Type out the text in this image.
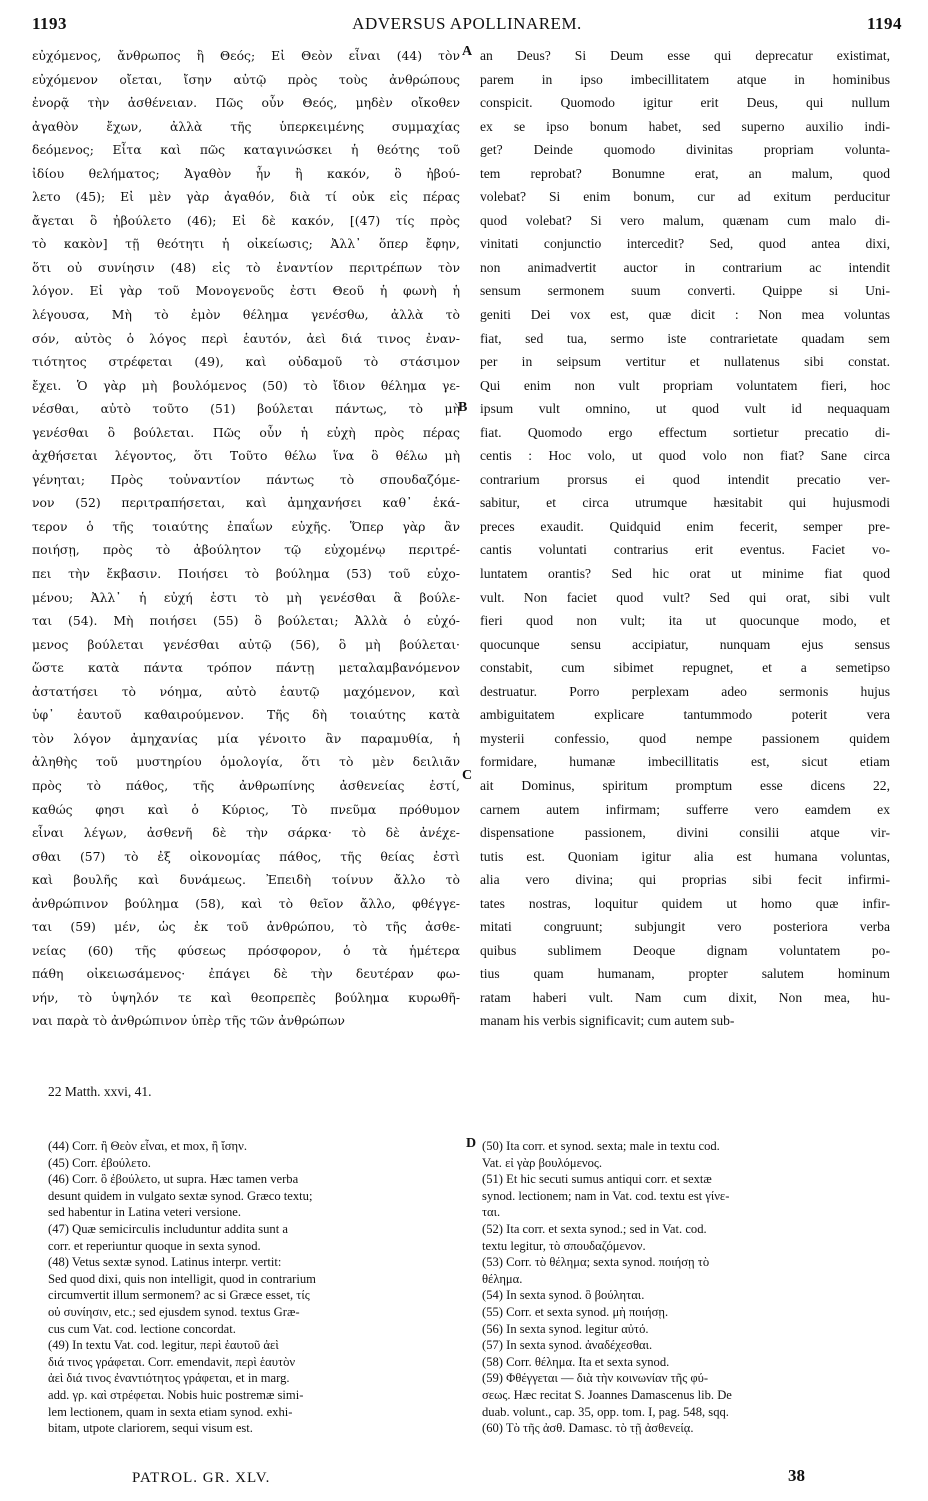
1193	ADVERSUS APOLLINAREM.	1194
εὐχόμενος, ἄνθρωπος ἢ Θεός; Εἰ Θεὸν εἶναι (44) τὸν
εὐχόμενον οἴεται, ἴσην αὐτῷ πρὸς τοὺς ἀνθρώπους
ἐνορᾷ τὴν ἀσθένειαν. Πῶς οὖν Θεός, μηδὲν οἴκοθεν
ἀγαθὸν ἔχων, ἀλλὰ τῆς ὑπερκειμένης συμμαχίας
δεόμενος; Εἶτα καὶ πῶς καταγινώσκει ἡ θεότης τοῦ
ἰδίου θελήματος; Ἀγαθὸν ἦν ἢ κακόν, ὃ ἠβού-
λετο (45); Εἰ μὲν γὰρ ἀγαθόν, διὰ τί οὐκ εἰς πέρας
ἄγεται ὃ ἠβούλετο (46); Εἰ δὲ κακόν, [(47) τίς πρὸς
τὸ κακὸν] τῇ θεότητι ἡ οἰκείωσις; Ἀλλ᾽ ὅπερ ἔφην,
ὅτι οὐ συνίησιν (48) εἰς τὸ ἐναντίον περιτρέπων τὸν
λόγον. Εἰ γὰρ τοῦ Μονογενοῦς ἐστι Θεοῦ ἡ φωνὴ ἡ
λέγουσα, Μὴ τὸ ἐμὸν θέλημα γενέσθω, ἀλλὰ τὸ
σόν, αὐτὸς ὁ λόγος περὶ ἑαυτόν, ἀεὶ διά τινος ἐναν-
τιότητος στρέφεται (49), καὶ οὐδαμοῦ τὸ στάσιμον
ἔχει. Ὁ γὰρ μὴ βουλόμενος (50) τὸ ἴδιον θέλημα γε-
νέσθαι, αὐτὸ τοῦτο (51) βούλεται πάντως, τὸ μὴ
γενέσθαι ὃ βούλεται. Πῶς οὖν ἡ εὐχὴ πρὸς πέρας
ἀχθήσεται λέγοντος, ὅτι Τοῦτο θέλω ἵνα ὃ θέλω μὴ
γένηται; Πρὸς τοὐναντίον πάντως τὸ σπουδαζόμε-
νον (52) περιτραπήσεται, καὶ ἀμηχανήσει καθ᾽ ἑκά-
τερον ὁ τῆς τοιαύτης ἐπαΐων εὐχῆς. Ὅπερ γὰρ ἂν
ποιήσῃ, πρὸς τὸ ἀβούλητον τῷ εὐχομένῳ περιτρέ-
πει τὴν ἔκβασιν. Ποιήσει τὸ βούλημα (53) τοῦ εὐχο-
μένου; Ἀλλ᾽ ἡ εὐχή ἐστι τὸ μὴ γενέσθαι ἃ βούλε-
ται (54). Μὴ ποιήσει (55) ὃ βούλεται; Ἀλλὰ ὁ εὐχό-
μενος βούλεται γενέσθαι αὐτῷ (56), ὃ μὴ βούλεται·
ὥστε κατὰ πάντα τρόπον πάντῃ μεταλαμβανόμενον
ἀστατήσει τὸ νόημα, αὐτὸ ἑαυτῷ μαχόμενον, καὶ
ὑφ᾽ ἑαυτοῦ καθαιρούμενον. Τῆς δὴ τοιαύτης κατὰ
τὸν λόγον ἀμηχανίας μία γένοιτο ἂν παραμυθία, ἡ
ἀληθὴς τοῦ μυστηρίου ὁμολογία, ὅτι τὸ μὲν δειλιᾶν
πρὸς τὸ πάθος, τῆς ἀνθρωπίνης ἀσθενείας ἐστί,
καθώς φησι καὶ ὁ Κύριος, Τὸ πνεῦμα πρόθυμον
εἶναι λέγων, ἀσθενῆ δὲ τὴν σάρκα· τὸ δὲ ἀνέχε-
σθαι (57) τὸ ἐξ οἰκονομίας πάθος, τῆς θείας ἐστὶ
καὶ βουλῆς καὶ δυνάμεως. Ἐπειδὴ τοίνυν ἄλλο τὸ
ἀνθρώπινον βούλημα (58), καὶ τὸ θεῖον ἄλλο, φθέγγε-
ται (59) μέν, ὡς ἐκ τοῦ ἀνθρώπου, τὸ τῆς ἀσθε-
νείας (60) τῆς φύσεως πρόσφορον, ὁ τὰ ἡμέτερα
πάθη οἰκειωσάμενος· ἐπάγει δὲ τὴν δευτέραν φω-
νήν, τὸ ὑψηλόν τε καὶ θεοπρεπὲς βούλημα κυρωθῆ-
ναι παρὰ τὸ ἀνθρώπινον ὑπὲρ τῆς τῶν ἀνθρώπων
an Deus? Si Deum esse qui deprecatur existimat,
parem in ipso imbecillitatem atque in hominibus
conspicit. Quomodo igitur erit Deus, qui nullum
ex se ipso bonum habet, sed superno auxilio indi-
get? Deinde quomodo divinitas propriam volunta-
tem reprobat? Bonumne erat, an malum, quod
volebat? Si enim bonum, cur ad exitum perducitur
quod volebat? Si vero malum, quænam cum malo di-
vinitati conjunctio intercedit? Sed, quod antea dixi,
non animadvertit auctor in contrarium ac intendit
sensum sermonem suum converti. Quippe si Uni-
geniti Dei vox est, quæ dicit : Non mea voluntas
fiat, sed tua, sermo iste contrarietate quadam sem
per in seipsum vertitur et nullatenus sibi constat.
Qui enim non vult propriam voluntatem fieri, hoc
ipsum vult omnino, ut quod vult id nequaquam
fiat. Quomodo ergo effectum sortietur precatio di-
centis : Hoc volo, ut quod volo non fiat? Sane circa
contrarium prorsus ei quod intendit precatio ver-
sabitur, et circa utrumque hæsitabit qui hujusmodi
preces exaudit. Quidquid enim fecerit, semper pre-
cantis voluntati contrarius erit eventus. Faciet vo-
luntatem orantis? Sed hic orat ut minime fiat quod
vult. Non faciet quod vult? Sed qui orat, sibi vult
fieri quod non vult; ita ut quocunque modo, et
quocunque sensu accipiatur, nunquam ejus sensus
constabit, cum sibimet repugnet, et a semetipso
destruatur. Porro perplexam adeo sermonis hujus
ambiguitatem explicare tantummodo poterit vera
mysterii confessio, quod nempe passionem quidem
formidare, humanæ imbecillitatis est, sicut etiam
ait Dominus, spiritum promptum esse dicens 22,
carnem autem infirmam; sufferre vero eamdem ex
dispensatione passionem, divini consilii atque vir-
tutis est. Quoniam igitur alia est humana voluntas,
alia vero divina; qui proprias sibi fecit infirmi-
tates nostras, loquitur quidem ut homo quæ infir-
mitati congruunt; subjungit vero posteriora verba
quibus sublimem Deoque dignam voluntatem po-
tius quam humanam, propter salutem hominum
ratam haberi vult. Nam cum dixit, Non mea, hu-
manam his verbis significavit; cum autem sub-
A
B
C
D
22 Matth. xxvi, 41.
(44) Corr. ἢ Θεὸν εἶναι, et mox, ἢ ἴσην.
(45) Corr. ἐβούλετο.
(46) Corr. ὃ ἐβούλετο, ut supra. Hæc tamen verba
desunt quidem in vulgato sextæ synod. Græco textu;
sed habentur in Latina veteri versione.
(47) Quæ semicirculis includuntur addita sunt a
corr. et reperiuntur quoque in sexta synod.
(48) Vetus sextæ synod. Latinus interpr. vertit:
Sed quod dixi, quis non intelligit, quod in contrarium
circumvertit illum sermonem? ac si Græce esset, τίς
οὐ συνίησιν, etc.; sed ejusdem synod. textus Græ-
cus cum Vat. cod. lectione concordat.
(49) In textu Vat. cod. legitur, περὶ ἑαυτοῦ ἀεὶ
διά τινος γράφεται. Corr. emendavit, περὶ ἑαυτὸν
ἀεὶ διά τινος ἐναντιότητος γράφεται, et in marg.
add. γρ. καὶ στρέφεται. Nobis huic postremæ simi-
lem lectionem, quam in sexta etiam synod. exhi-
bitam, utpote clariorem, sequi visum est.
(50) Ita corr. et synod. sexta; male in textu cod.
Vat. εἰ γὰρ βουλόμενος.
(51) Et hic secuti sumus antiqui corr. et sextæ
synod. lectionem; nam in Vat. cod. textu est γίνε-
ται.
(52) Ita corr. et sexta synod.; sed in Vat. cod.
textu legitur, τὸ σπουδαζόμενον.
(53) Corr. τὸ θέλημα; sexta synod. ποιήσῃ τὸ
θέλημα.
(54) In sexta synod. ὃ βούληται.
(55) Corr. et sexta synod. μὴ ποιήσῃ.
(56) In sexta synod. legitur αὐτό.
(57) In sexta synod. ἀναδέχεσθαι.
(58) Corr. θέλημα. Ita et sexta synod.
(59) Φθέγγεται — διὰ τὴν κοινωνίαν τῆς φύ-
σεως. Hæc recitat S. Joannes Damascenus lib. De
duab. volunt., cap. 35, opp. tom. I, pag. 548, sqq.
(60) Τὸ τῆς ἀσθ. Damasc. τὸ τῇ ἀσθενείᾳ.
PATROL. GR. XLV.	38
